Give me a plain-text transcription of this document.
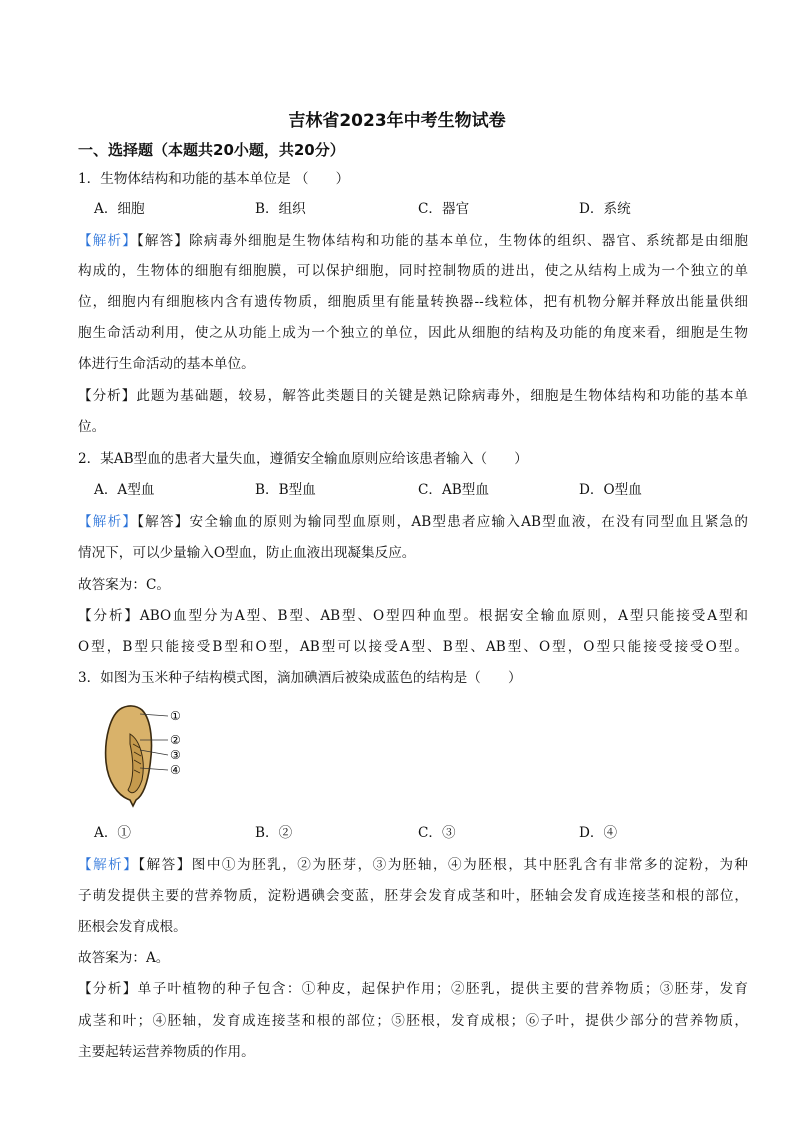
吉林省2023年中考生物试卷
一、选择题（本题共20小题，共20分）
1．生物体结构和功能的基本单位是 （　　）
A．细胞	B．组织	C．器官	D．系统
【解析】【解答】除病毒外细胞是生物体结构和功能的基本单位，生物体的组织、器官、系统都是由细胞
构成的，生物体的细胞有细胞膜，可以保护细胞，同时控制物质的进出，使之从结构上成为一个独立的单
位，细胞内有细胞核内含有遗传物质，细胞质里有能量转换器--线粒体，把有机物分解并释放出能量供细
胞生命活动利用，使之从功能上成为一个独立的单位，因此从细胞的结构及功能的角度来看，细胞是生物
体进行生命活动的基本单位。
【分析】此题为基础题，较易，解答此类题目的关键是熟记除病毒外，细胞是生物体结构和功能的基本单
位。
2．某AB型血的患者大量失血，遵循安全输血原则应给该患者输入（　　）
A．A型血	B．B型血	C．AB型血	D．O型血
【解析】【解答】安全输血的原则为输同型血原则，AB型患者应输入AB型血液，在没有同型血且紧急的
情况下，可以少量输入O型血，防止血液出现凝集反应。
故答案为：C。
【分析】ABO血型分为A型、B型、AB型、O型四种血型。根据安全输血原则，A型只能接受A型和
O型，B型只能接受B型和O型，AB型可以接受A型、B型、AB型、O型，O型只能接受接受O型。
3．如图为玉米种子结构模式图，滴加碘酒后被染成蓝色的结构是（　　）
①
②
③
④
A．①	B．②	C．③	D．④
【解析】【解答】图中①为胚乳，②为胚芽，③为胚轴，④为胚根，其中胚乳含有非常多的淀粉，为种
子萌发提供主要的营养物质，淀粉遇碘会变蓝，胚芽会发育成茎和叶，胚轴会发育成连接茎和根的部位，
胚根会发育成根。
故答案为：A。
【分析】单子叶植物的种子包含：①种皮，起保护作用；②胚乳，提供主要的营养物质；③胚芽，发育
成茎和叶；④胚轴，发育成连接茎和根的部位；⑤胚根，发育成根；⑥子叶，提供少部分的营养物质，
主要起转运营养物质的作用。
